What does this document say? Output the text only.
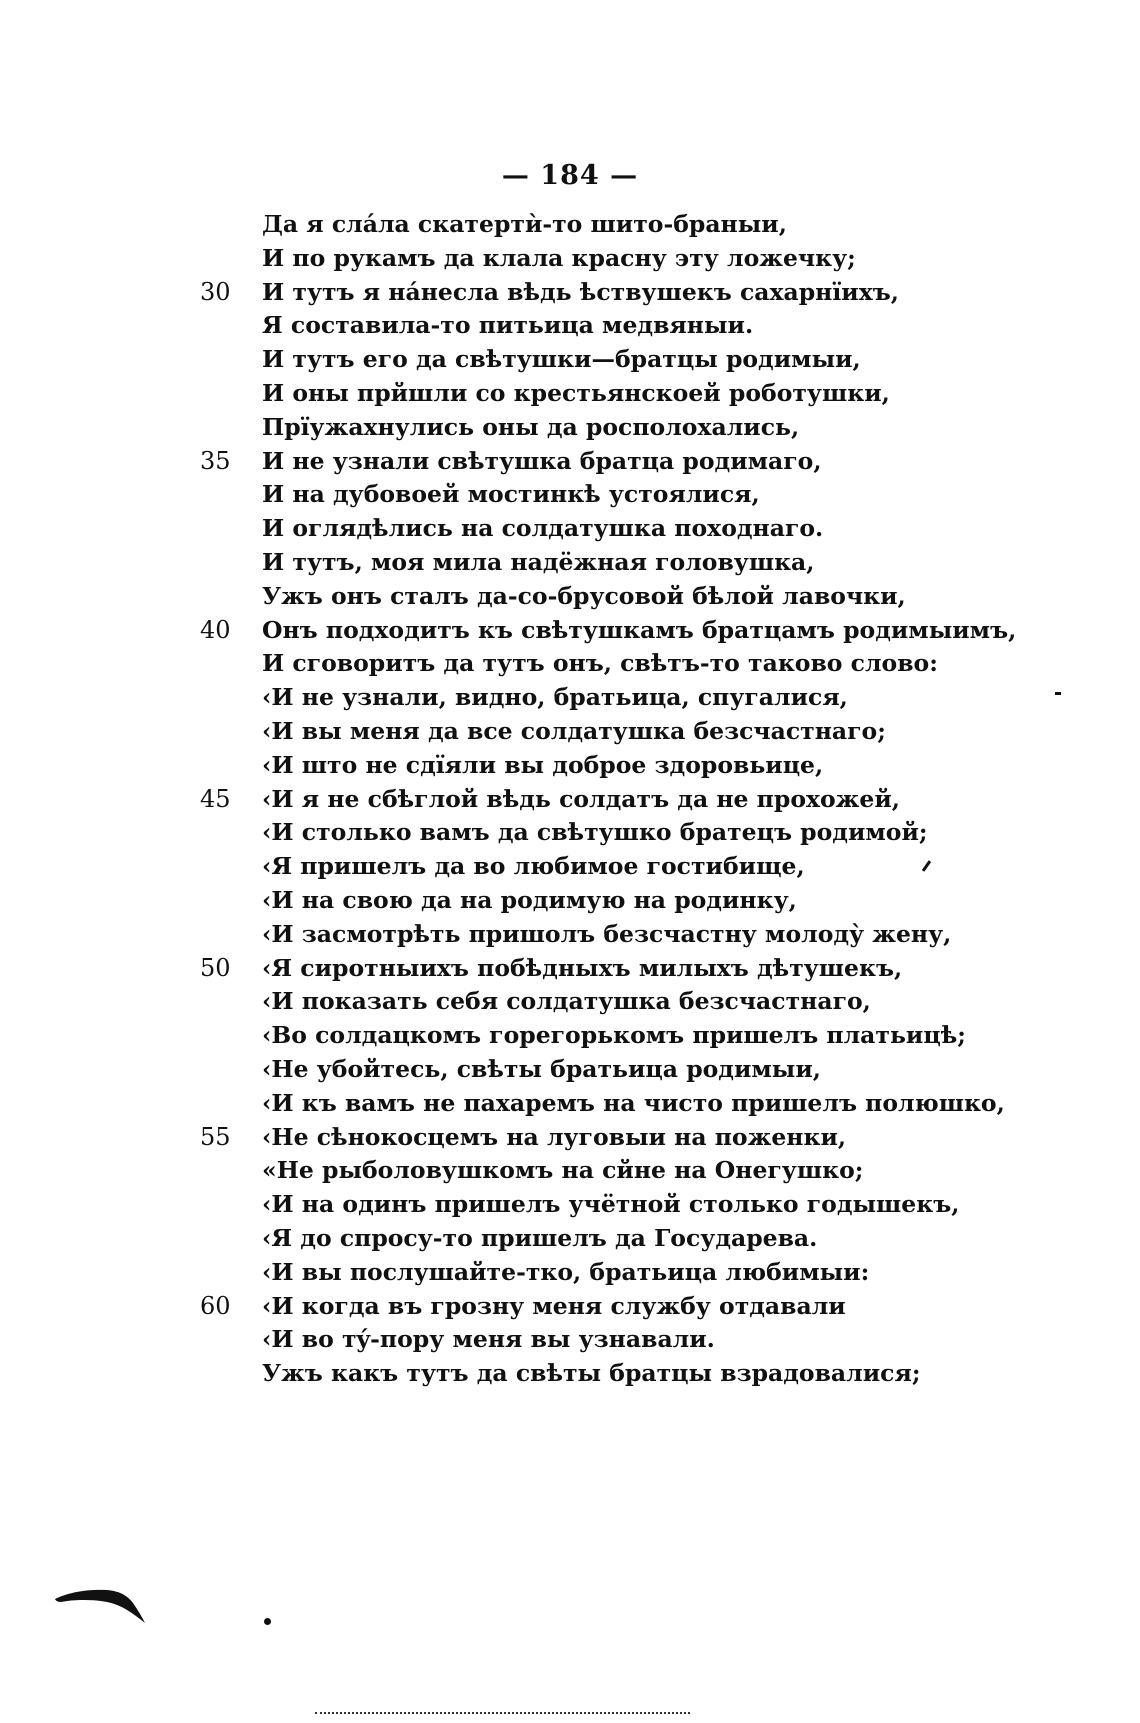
— 184 —
Да я слáла скатертѝ-то шито-браныи,
И по рукамъ да клала красну эту ложечку;
30	И тутъ я нáнесла вѣдь ѣствушекъ сахарнїихъ,
Я составила-то питьица медвяныи.
И тутъ его да свѣтушки—братцы родимыи,
И оны прйшли со крестьянскоей роботушки,
Прїужахнулись оны да росполохались,
35	И не узнали свѣтушка братца родимаго,
И на дубовоей мостинкѣ устоялися,
И оглядѣлись на солдатушка походнаго.
И тутъ, моя мила надёжная головушка,
Ужъ онъ сталъ да-со-брусовой бѣлой лавочки,
40	Онъ подходитъ къ свѣтушкамъ братцамъ родимыимъ,
И сговоритъ да тутъ онъ, свѣтъ-то таково слово:
‹И не узнали, видно, братьица, спугалися,
‹И вы меня да все солдатушка безсчастнаго;
‹И што не сдїяли вы доброе здоровьице,
45	‹И я не сбѣглой вѣдь солдатъ да не прохожей,
‹И столько вамъ да свѣтушко братецъ родимой;
‹Я пришелъ да во любимое гостибище,
‹И на свою да на родимую на родинку,
‹И засмотрѣть пришолъ безсчастну молоду̀ жену,
50	‹Я сиротныихъ побѣдныхъ милыхъ дѣтушекъ,
‹И показать себя солдатушка безсчастнаго,
‹Во солдацкомъ горегорькомъ пришелъ платьицѣ;
‹Не убойтесь, свѣты братьица родимыи,
‹И къ вамъ не пахаремъ на чисто пришелъ полюшко,
55	‹Не сѣнокосцемъ на луговыи на поженки,
«Не рыболовушкомъ на сйне на Онегушко;
‹И на одинъ пришелъ учётной столько годышекъ,
‹Я до спросу-то пришелъ да Государева.
‹И вы послушайте-тко, братьица любимыи:
60	‹И когда въ грозну меня службу отдавали
‹И во тý-пору меня вы узнавали.
Ужъ какъ тутъ да свѣты братцы взрадовалися;
